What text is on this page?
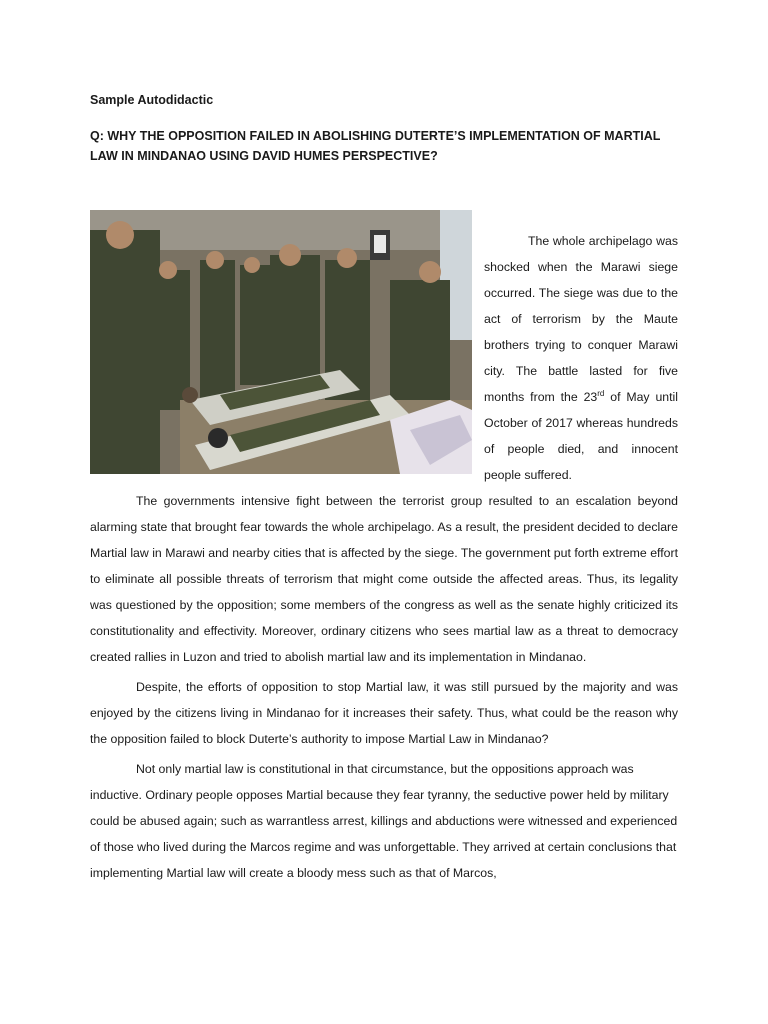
Sample Autodidactic
Q: WHY THE OPPOSITION FAILED IN ABOLISHING DUTERTE’S IMPLEMENTATION OF MARTIAL LAW IN MINDANAO USING DAVID HUMES PERSPECTIVE?

The whole archipelago was shocked when the Marawi siege occurred. The siege was due to the act of terrorism by the Maute brothers trying to conquer Marawi city. The battle lasted for five months from the 23rd of May until October of 2017 whereas hundreds of people died, and innocent people suffered.

The governments intensive fight between the terrorist group resulted to an escalation beyond alarming state that brought fear towards the whole archipelago. As a result, the president decided to declare Martial law in Marawi and nearby cities that is affected by the siege. The government put forth extreme effort to eliminate all possible threats of terrorism that might come outside the affected areas. Thus, its legality was questioned by the opposition; some members of the congress as well as the senate highly criticized its constitutionality and effectivity. Moreover, ordinary citizens who sees martial law as a threat to democracy created rallies in Luzon and tried to abolish martial law and its implementation in Mindanao.

Despite, the efforts of opposition to stop Martial law, it was still pursued by the majority and was enjoyed by the citizens living in Mindanao for it increases their safety. Thus, what could be the reason why the opposition failed to block Duterte’s authority to impose Martial Law in Mindanao?

Not only martial law is constitutional in that circumstance, but the oppositions approach was inductive. Ordinary people opposes Martial because they fear tyranny, the seductive power held by military could be abused again; such as warrantless arrest, killings and abductions were witnessed and experienced of those who lived during the Marcos regime and was unforgettable. They arrived at certain conclusions that implementing Martial law will create a bloody mess such as that of Marcos,
